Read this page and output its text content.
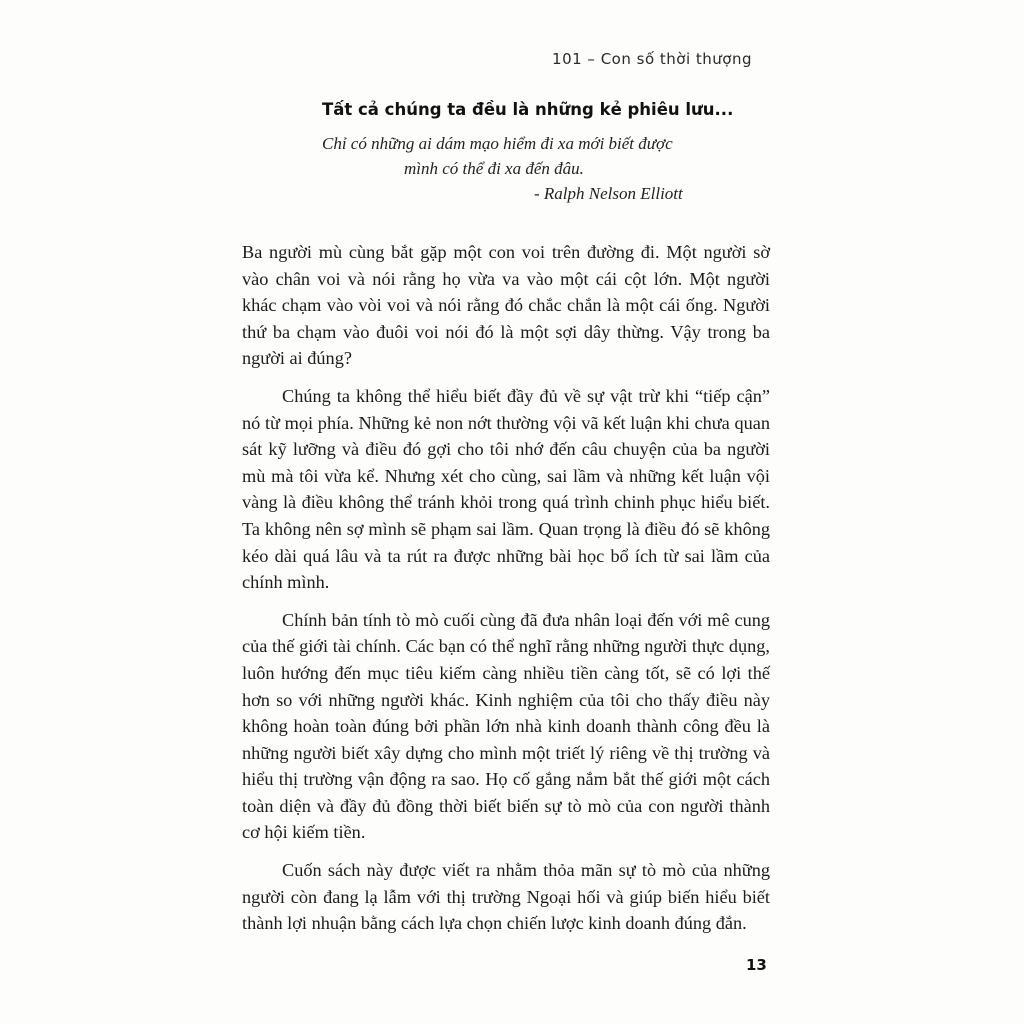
101 – Con số thời thượng
Tất cả chúng ta đều là những kẻ phiêu lưu...
Chỉ có những ai dám mạo hiểm đi xa mới biết được
mình có thể đi xa đến đâu.
- Ralph Nelson Elliott

Ba người mù cùng bắt gặp một con voi trên đường đi. Một người sờ vào chân voi và nói rằng họ vừa va vào một cái cột lớn. Một người khác chạm vào vòi voi và nói rằng đó chắc chắn là một cái ống. Người thứ ba chạm vào đuôi voi nói đó là một sợi dây thừng. Vậy trong ba người ai đúng?

Chúng ta không thể hiểu biết đầy đủ về sự vật trừ khi “tiếp cận” nó từ mọi phía. Những kẻ non nớt thường vội vã kết luận khi chưa quan sát kỹ lưỡng và điều đó gợi cho tôi nhớ đến câu chuyện của ba người mù mà tôi vừa kể. Nhưng xét cho cùng, sai lầm và những kết luận vội vàng là điều không thể tránh khỏi trong quá trình chinh phục hiểu biết. Ta không nên sợ mình sẽ phạm sai lầm. Quan trọng là điều đó sẽ không kéo dài quá lâu và ta rút ra được những bài học bổ ích từ sai lầm của chính mình.

Chính bản tính tò mò cuối cùng đã đưa nhân loại đến với mê cung của thế giới tài chính. Các bạn có thể nghĩ rằng những người thực dụng, luôn hướng đến mục tiêu kiếm càng nhiều tiền càng tốt, sẽ có lợi thế hơn so với những người khác. Kinh nghiệm của tôi cho thấy điều này không hoàn toàn đúng bởi phần lớn nhà kinh doanh thành công đều là những người biết xây dựng cho mình một triết lý riêng về thị trường và hiểu thị trường vận động ra sao. Họ cố gắng nắm bắt thế giới một cách toàn diện và đầy đủ đồng thời biết biến sự tò mò của con người thành cơ hội kiếm tiền.

Cuốn sách này được viết ra nhằm thỏa mãn sự tò mò của những người còn đang lạ lẫm với thị trường Ngoại hối và giúp biến hiểu biết thành lợi nhuận bằng cách lựa chọn chiến lược kinh doanh đúng đắn.

13
